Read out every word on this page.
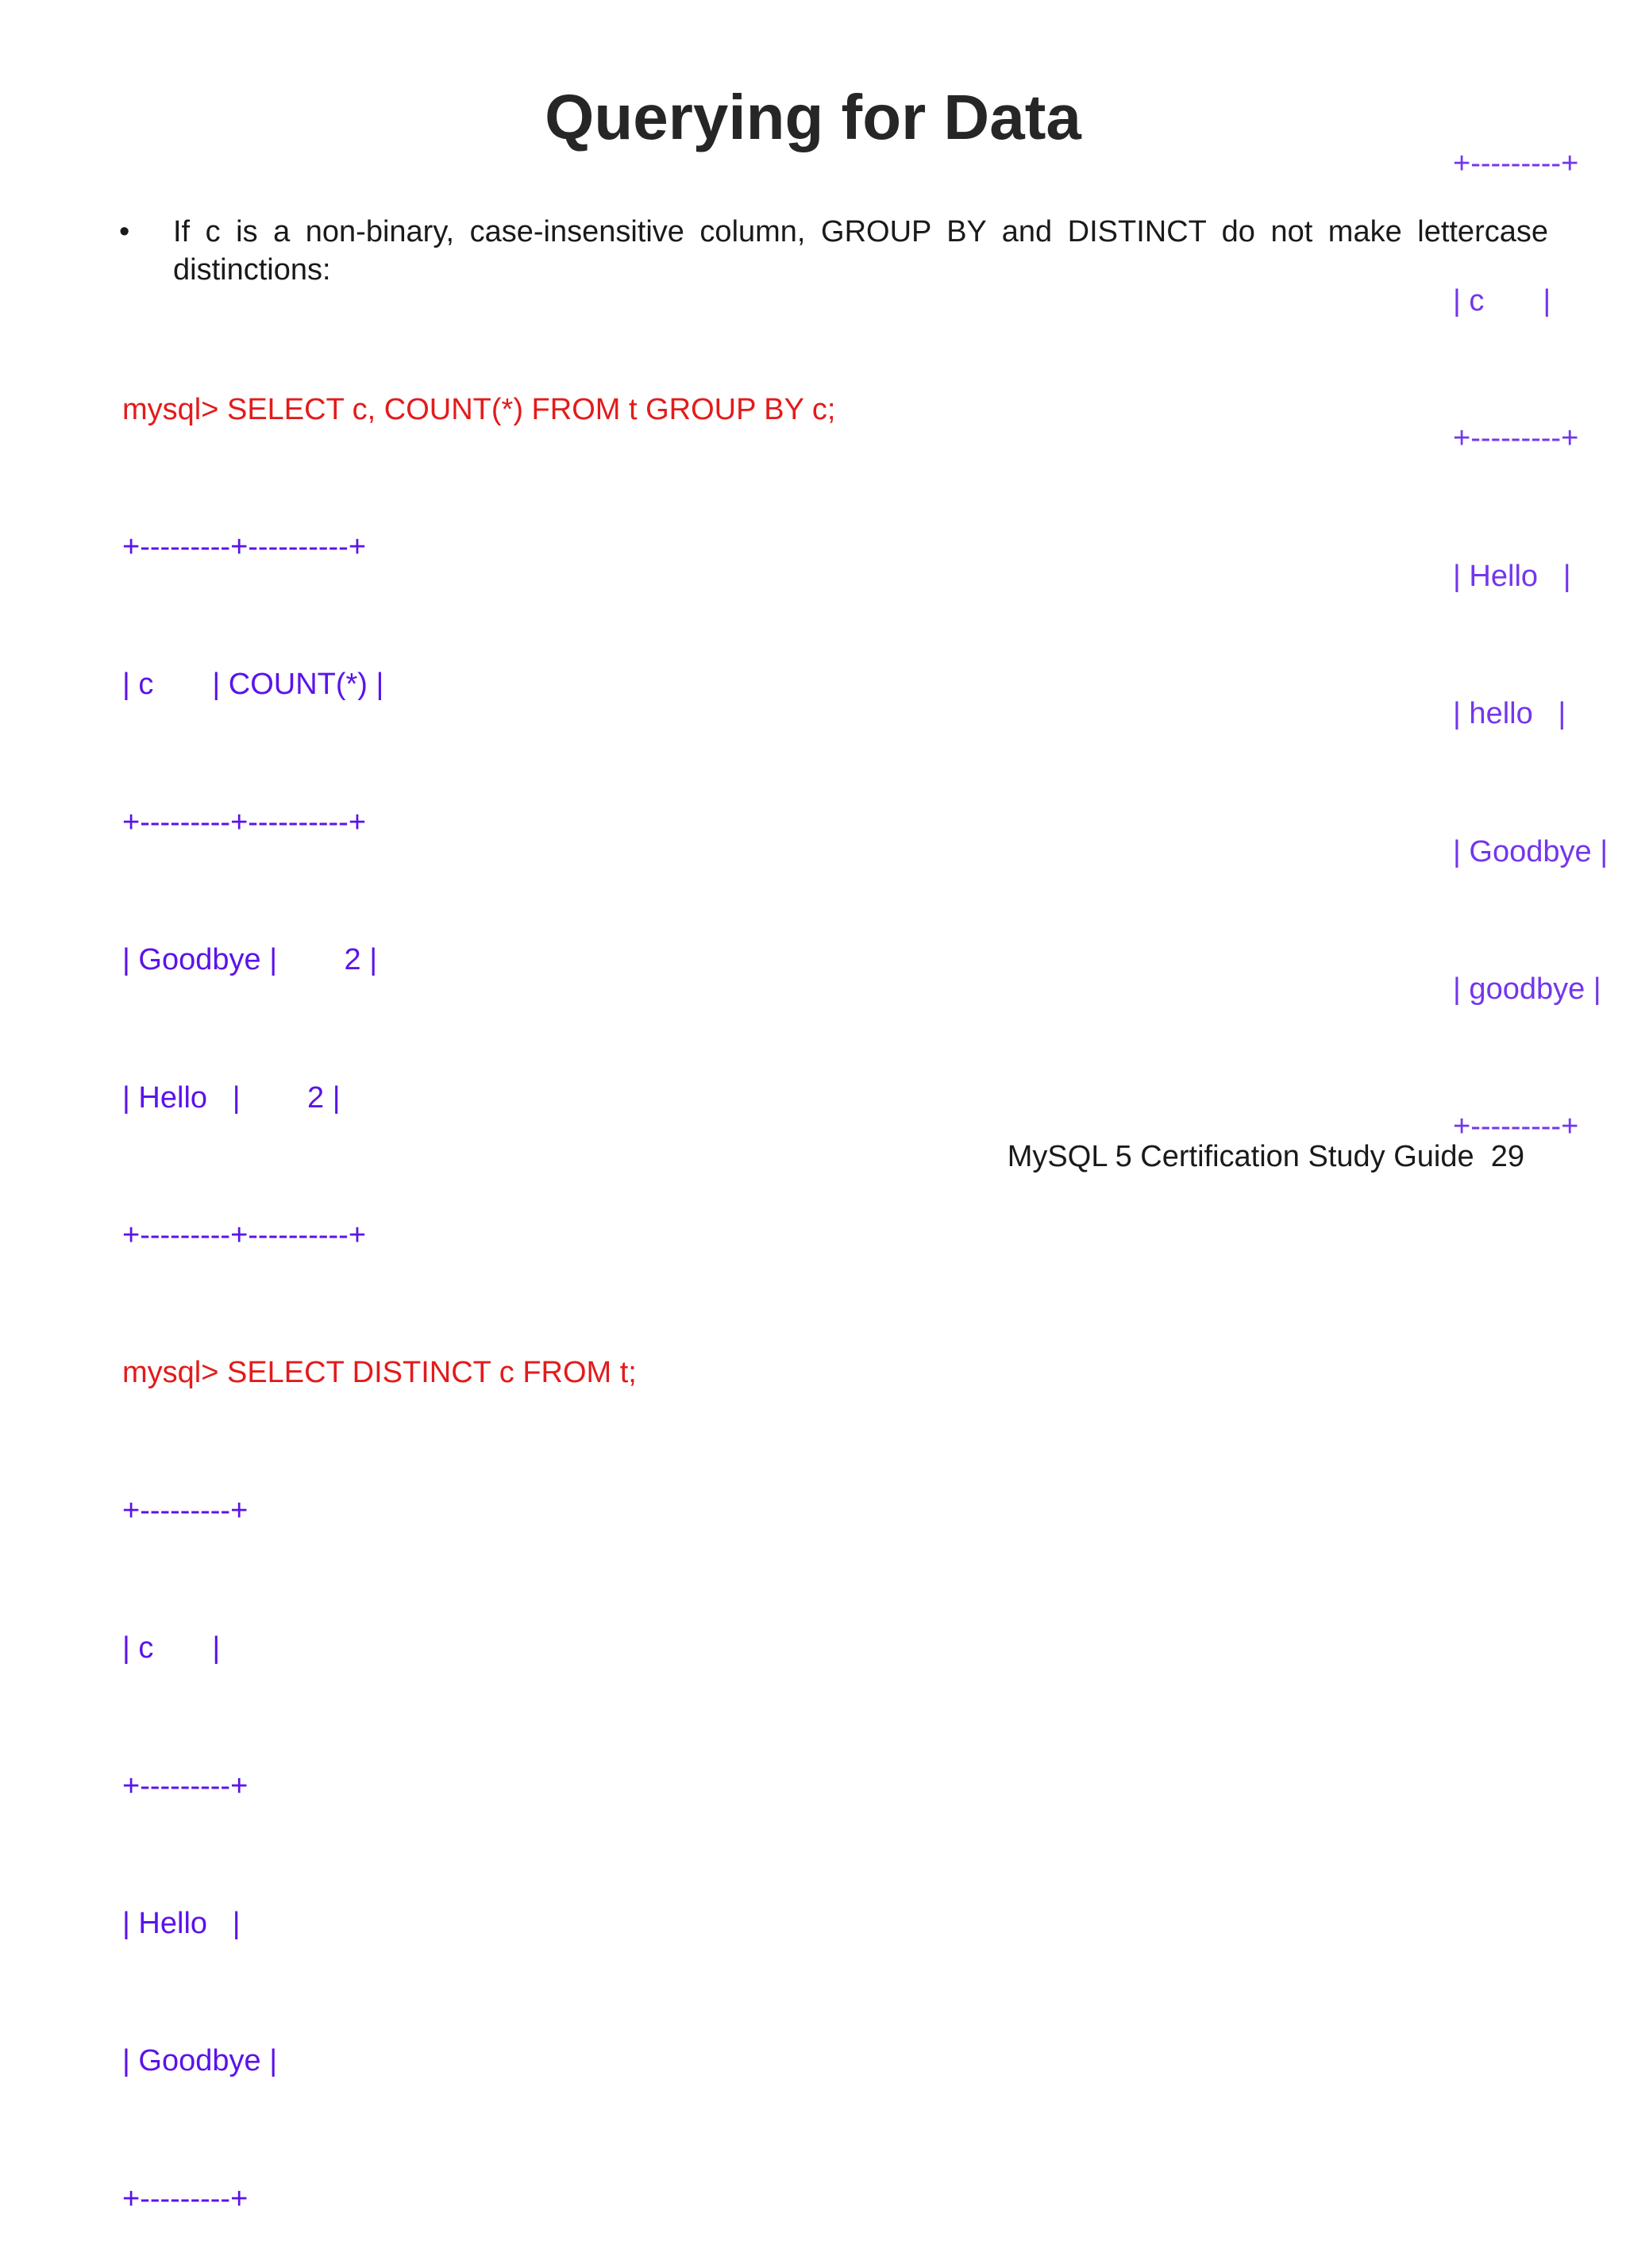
Querying for Data
•	If c is a non-binary, case-insensitive column, GROUP BY and DISTINCT do not make lettercase distinctions:

mysql> SELECT c, COUNT(*) FROM t GROUP BY c;

+---------+----------+

| c       | COUNT(*) |

+---------+----------+

| Goodbye |        2 |

| Hello   |        2 |

+---------+----------+

mysql> SELECT DISTINCT c FROM t;

+---------+

| c       |

+---------+

| Hello   |

| Goodbye |

+---------+

+---------+

| c       |

+---------+

| Hello   |

| hello   |

| Goodbye |

| goodbye |

+---------+

MySQL 5 Certification Study Guide  29
